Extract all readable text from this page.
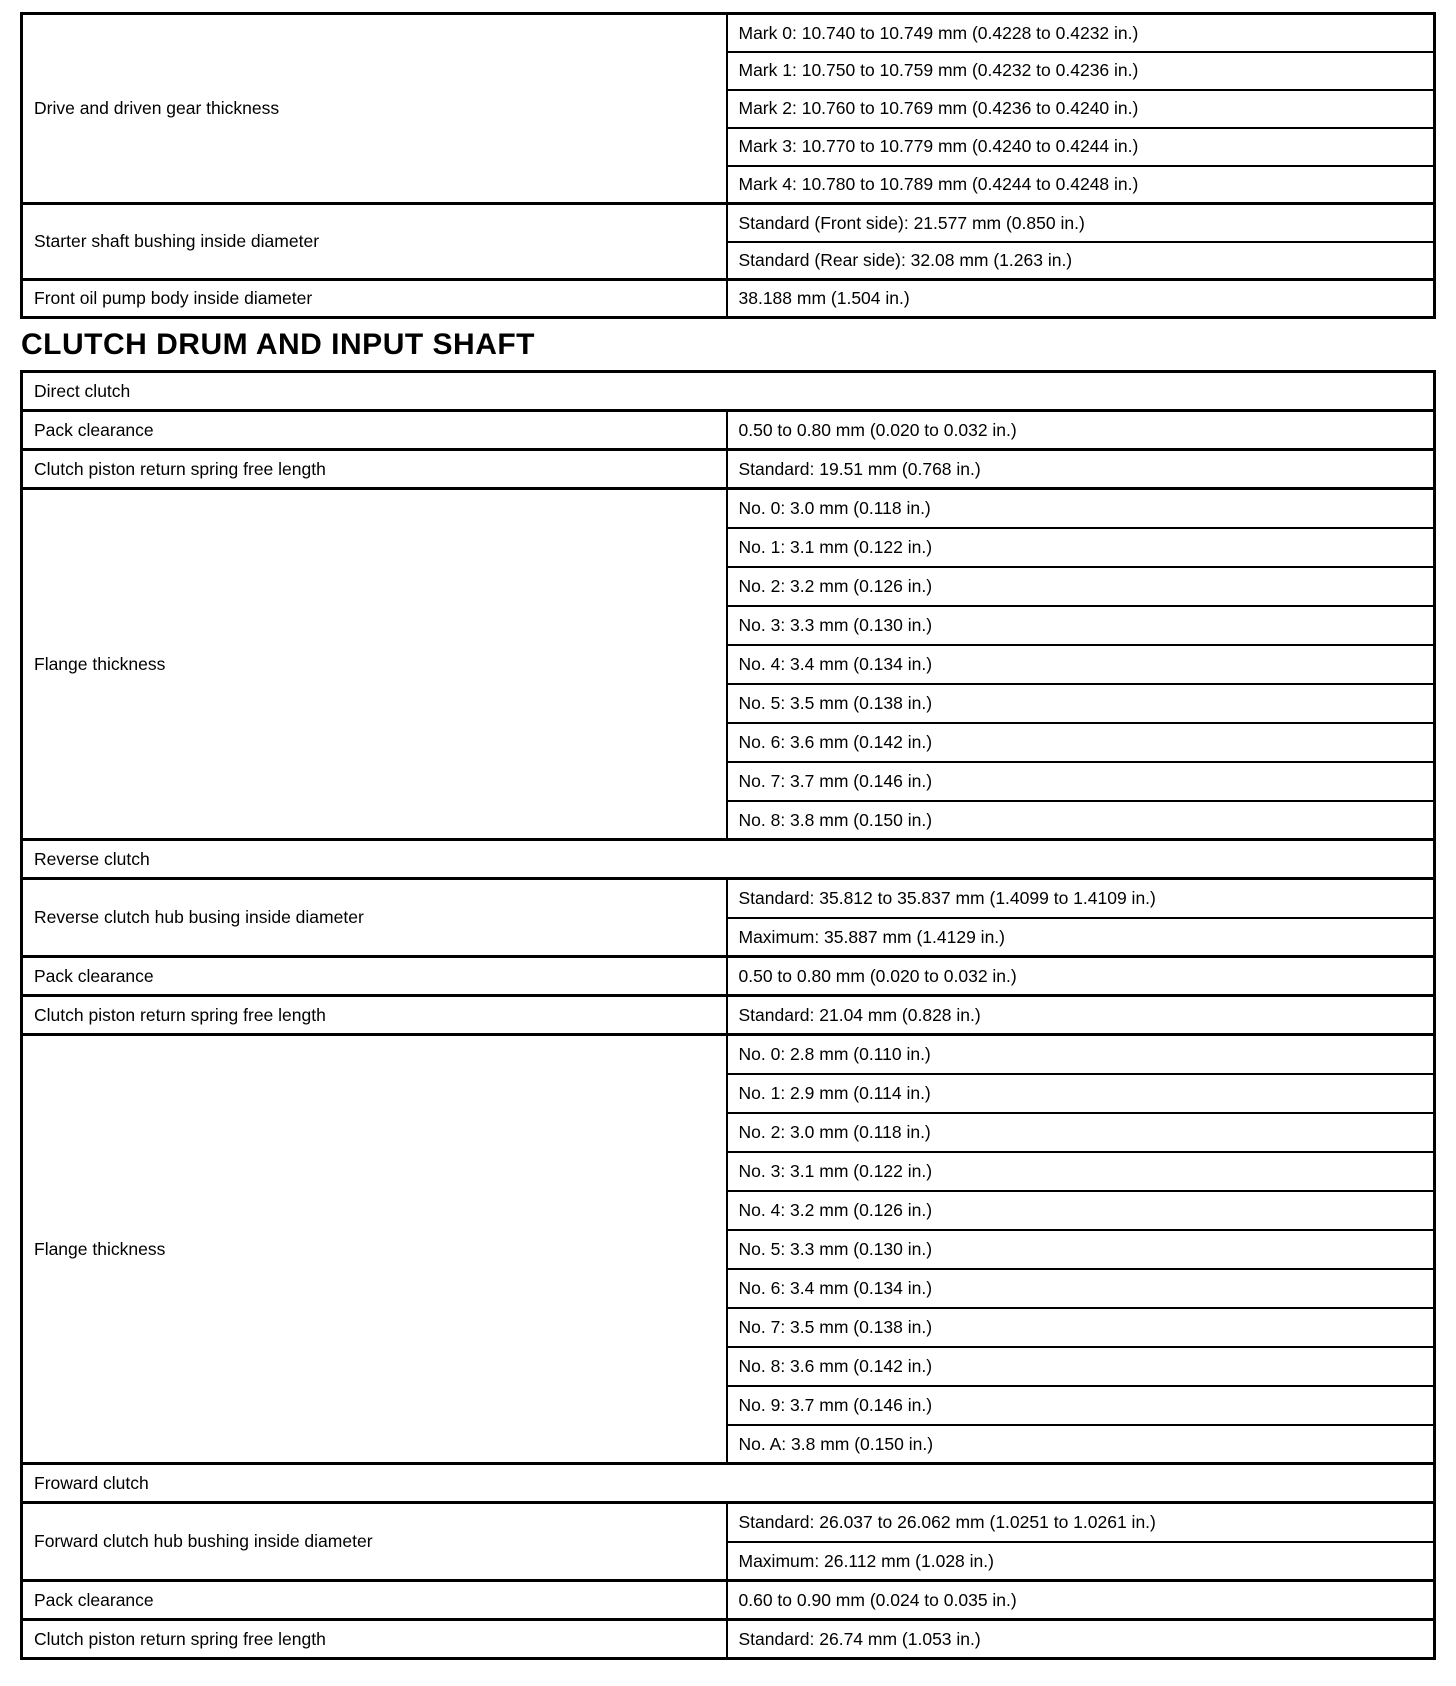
Drive and driven gear thickness	Mark 0: 10.740 to 10.749 mm (0.4228 to 0.4232 in.)
	Mark 1: 10.750 to 10.759 mm (0.4232 to 0.4236 in.)
	Mark 2: 10.760 to 10.769 mm (0.4236 to 0.4240 in.)
	Mark 3: 10.770 to 10.779 mm (0.4240 to 0.4244 in.)
	Mark 4: 10.780 to 10.789 mm (0.4244 to 0.4248 in.)
Starter shaft bushing inside diameter	Standard (Front side): 21.577 mm (0.850 in.)
	Standard (Rear side): 32.08 mm (1.263 in.)
Front oil pump body inside diameter	38.188 mm (1.504 in.)
CLUTCH DRUM AND INPUT SHAFT
Direct clutch	
Pack clearance	0.50 to 0.80 mm (0.020 to 0.032 in.)
Clutch piston return spring free length	Standard: 19.51 mm (0.768 in.)
Flange thickness	No. 0: 3.0 mm (0.118 in.)
	No. 1: 3.1 mm (0.122 in.)
	No. 2: 3.2 mm (0.126 in.)
	No. 3: 3.3 mm (0.130 in.)
	No. 4: 3.4 mm (0.134 in.)
	No. 5: 3.5 mm (0.138 in.)
	No. 6: 3.6 mm (0.142 in.)
	No. 7: 3.7 mm (0.146 in.)
	No. 8: 3.8 mm (0.150 in.)
Reverse clutch	
Reverse clutch hub busing inside diameter	Standard: 35.812 to 35.837 mm (1.4099 to 1.4109 in.)
	Maximum: 35.887 mm (1.4129 in.)
Pack clearance	0.50 to 0.80 mm (0.020 to 0.032 in.)
Clutch piston return spring free length	Standard: 21.04 mm (0.828 in.)
Flange thickness	No. 0: 2.8 mm (0.110 in.)
	No. 1: 2.9 mm (0.114 in.)
	No. 2: 3.0 mm (0.118 in.)
	No. 3: 3.1 mm (0.122 in.)
	No. 4: 3.2 mm (0.126 in.)
	No. 5: 3.3 mm (0.130 in.)
	No. 6: 3.4 mm (0.134 in.)
	No. 7: 3.5 mm (0.138 in.)
	No. 8: 3.6 mm (0.142 in.)
	No. 9: 3.7 mm (0.146 in.)
	No. A: 3.8 mm (0.150 in.)
Froward clutch	
Forward clutch hub bushing inside diameter	Standard: 26.037 to 26.062 mm (1.0251 to 1.0261 in.)
	Maximum: 26.112 mm (1.028 in.)
Pack clearance	0.60 to 0.90 mm (0.024 to 0.035 in.)
Clutch piston return spring free length	Standard: 26.74 mm (1.053 in.)
